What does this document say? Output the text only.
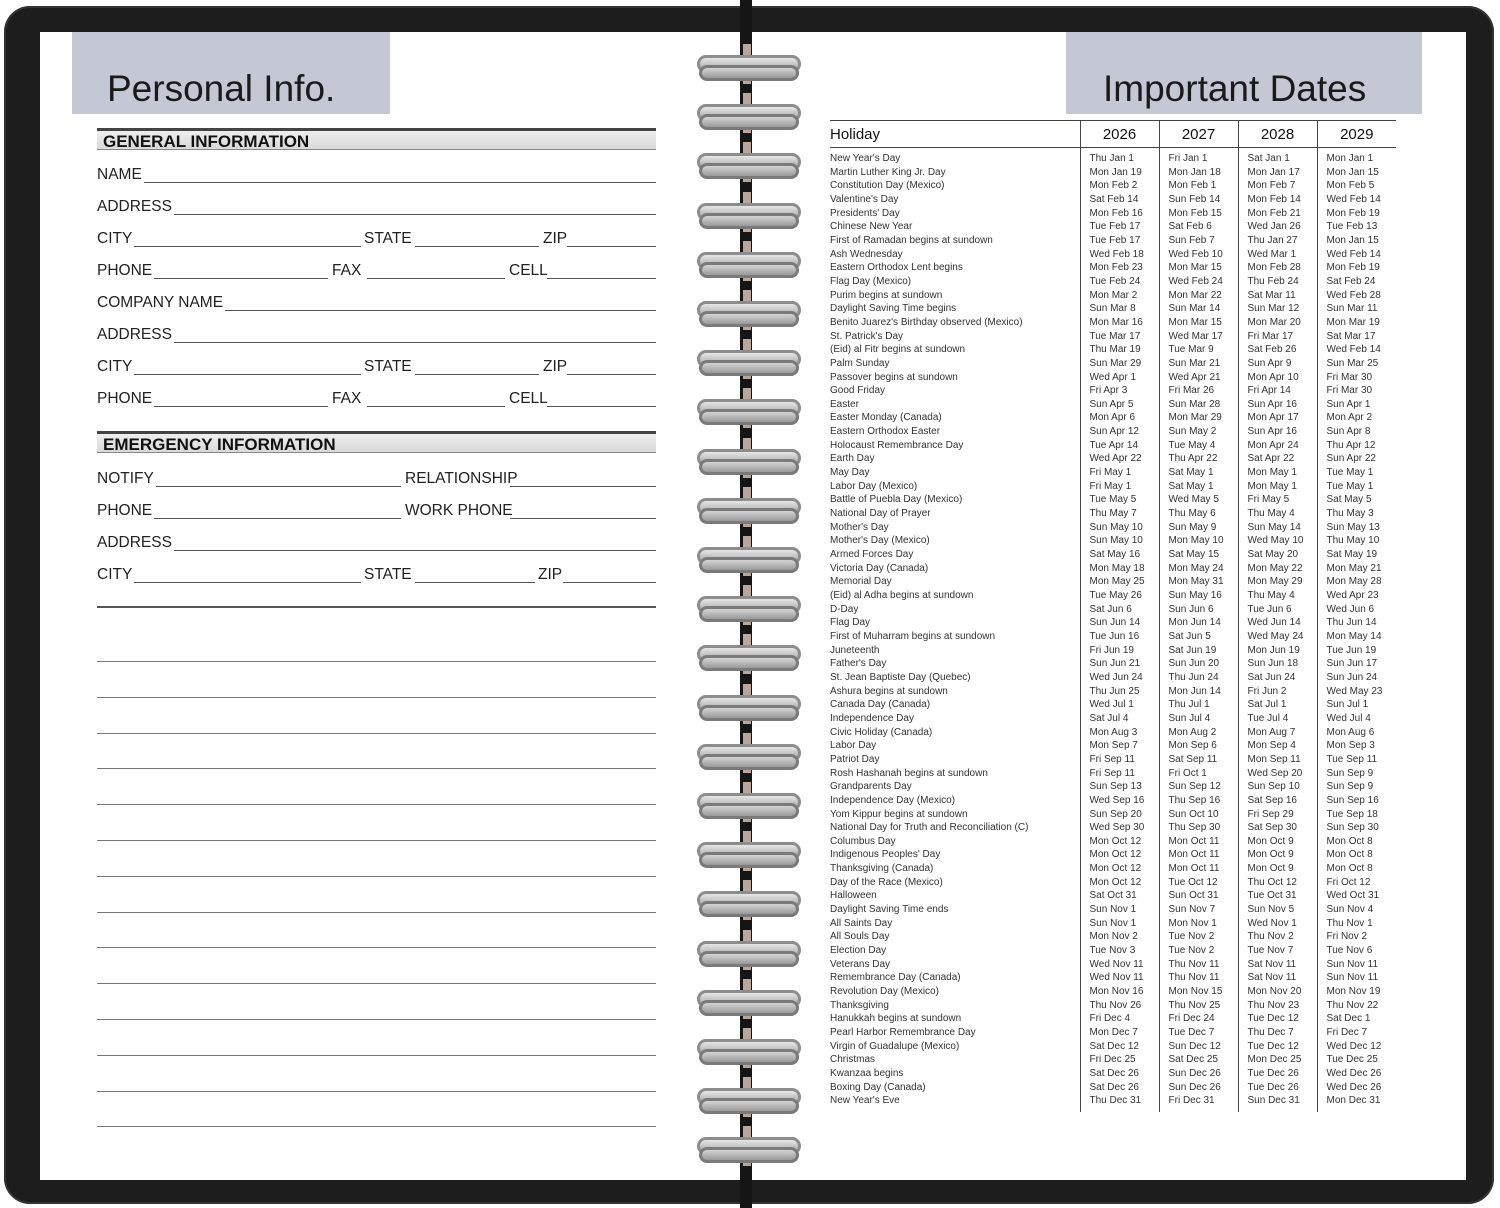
Personal Info.
GENERAL INFORMATION
NAME
ADDRESS
CITY	STATE	ZIP
PHONE	FAX	CELL
COMPANY NAME
ADDRESS
CITY	STATE	ZIP
PHONE	FAX	CELL
EMERGENCY INFORMATION
NOTIFY	RELATIONSHIP
PHONE	WORK PHONE
ADDRESS
CITY	STATE	ZIP
Important Dates
Holiday	2026	2027	2028	2029
New Year's Day	Thu Jan 1	Fri Jan 1	Sat Jan 1	Mon Jan 1
Martin Luther King Jr. Day	Mon Jan 19	Mon Jan 18	Mon Jan 17	Mon Jan 15
Constitution Day (Mexico)	Mon Feb 2	Mon Feb 1	Mon Feb 7	Mon Feb 5
Valentine's Day	Sat Feb 14	Sun Feb 14	Mon Feb 14	Wed Feb 14
Presidents' Day	Mon Feb 16	Mon Feb 15	Mon Feb 21	Mon Feb 19
Chinese New Year	Tue Feb 17	Sat Feb 6	Wed Jan 26	Tue Feb 13
First of Ramadan begins at sundown	Tue Feb 17	Sun Feb 7	Thu Jan 27	Mon Jan 15
Ash Wednesday	Wed Feb 18	Wed Feb 10	Wed Mar 1	Wed Feb 14
Eastern Orthodox Lent begins	Mon Feb 23	Mon Mar 15	Mon Feb 28	Mon Feb 19
Flag Day (Mexico)	Tue Feb 24	Wed Feb 24	Thu Feb 24	Sat Feb 24
Purim begins at sundown	Mon Mar 2	Mon Mar 22	Sat Mar 11	Wed Feb 28
Daylight Saving Time begins	Sun Mar 8	Sun Mar 14	Sun Mar 12	Sun Mar 11
Benito Juarez's Birthday observed (Mexico)	Mon Mar 16	Mon Mar 15	Mon Mar 20	Mon Mar 19
St. Patrick's Day	Tue Mar 17	Wed Mar 17	Fri Mar 17	Sat Mar 17
(Eid) al Fitr begins at sundown	Thu Mar 19	Tue Mar 9	Sat Feb 26	Wed Feb 14
Palm Sunday	Sun Mar 29	Sun Mar 21	Sun Apr 9	Sun Mar 25
Passover begins at sundown	Wed Apr 1	Wed Apr 21	Mon Apr 10	Fri Mar 30
Good Friday	Fri Apr 3	Fri Mar 26	Fri Apr 14	Fri Mar 30
Easter	Sun Apr 5	Sun Mar 28	Sun Apr 16	Sun Apr 1
Easter Monday (Canada)	Mon Apr 6	Mon Mar 29	Mon Apr 17	Mon Apr 2
Eastern Orthodox Easter	Sun Apr 12	Sun May 2	Sun Apr 16	Sun Apr 8
Holocaust Remembrance Day	Tue Apr 14	Tue May 4	Mon Apr 24	Thu Apr 12
Earth Day	Wed Apr 22	Thu Apr 22	Sat Apr 22	Sun Apr 22
May Day	Fri May 1	Sat May 1	Mon May 1	Tue May 1
Labor Day (Mexico)	Fri May 1	Sat May 1	Mon May 1	Tue May 1
Battle of Puebla Day (Mexico)	Tue May 5	Wed May 5	Fri May 5	Sat May 5
National Day of Prayer	Thu May 7	Thu May 6	Thu May 4	Thu May 3
Mother's Day	Sun May 10	Sun May 9	Sun May 14	Sun May 13
Mother's Day (Mexico)	Sun May 10	Mon May 10	Wed May 10	Thu May 10
Armed Forces Day	Sat May 16	Sat May 15	Sat May 20	Sat May 19
Victoria Day (Canada)	Mon May 18	Mon May 24	Mon May 22	Mon May 21
Memorial Day	Mon May 25	Mon May 31	Mon May 29	Mon May 28
(Eid) al Adha begins at sundown	Tue May 26	Sun May 16	Thu May 4	Wed Apr 23
D-Day	Sat Jun 6	Sun Jun 6	Tue Jun 6	Wed Jun 6
Flag Day	Sun Jun 14	Mon Jun 14	Wed Jun 14	Thu Jun 14
First of Muharram begins at sundown	Tue Jun 16	Sat Jun 5	Wed May 24	Mon May 14
Juneteenth	Fri Jun 19	Sat Jun 19	Mon Jun 19	Tue Jun 19
Father's Day	Sun Jun 21	Sun Jun 20	Sun Jun 18	Sun Jun 17
St. Jean Baptiste Day (Quebec)	Wed Jun 24	Thu Jun 24	Sat Jun 24	Sun Jun 24
Ashura begins at sundown	Thu Jun 25	Mon Jun 14	Fri Jun 2	Wed May 23
Canada Day (Canada)	Wed Jul 1	Thu Jul 1	Sat Jul 1	Sun Jul 1
Independence Day	Sat Jul 4	Sun Jul 4	Tue Jul 4	Wed Jul 4
Civic Holiday (Canada)	Mon Aug 3	Mon Aug 2	Mon Aug 7	Mon Aug 6
Labor Day	Mon Sep 7	Mon Sep 6	Mon Sep 4	Mon Sep 3
Patriot Day	Fri Sep 11	Sat Sep 11	Mon Sep 11	Tue Sep 11
Rosh Hashanah begins at sundown	Fri Sep 11	Fri Oct 1	Wed Sep 20	Sun Sep 9
Grandparents Day	Sun Sep 13	Sun Sep 12	Sun Sep 10	Sun Sep 9
Independence Day (Mexico)	Wed Sep 16	Thu Sep 16	Sat Sep 16	Sun Sep 16
Yom Kippur begins at sundown	Sun Sep 20	Sun Oct 10	Fri Sep 29	Tue Sep 18
National Day for Truth and Reconciliation (C)	Wed Sep 30	Thu Sep 30	Sat Sep 30	Sun Sep 30
Columbus Day	Mon Oct 12	Mon Oct 11	Mon Oct 9	Mon Oct 8
Indigenous Peoples' Day	Mon Oct 12	Mon Oct 11	Mon Oct 9	Mon Oct 8
Thanksgiving (Canada)	Mon Oct 12	Mon Oct 11	Mon Oct 9	Mon Oct 8
Day of the Race (Mexico)	Mon Oct 12	Tue Oct 12	Thu Oct 12	Fri Oct 12
Halloween	Sat Oct 31	Sun Oct 31	Tue Oct 31	Wed Oct 31
Daylight Saving Time ends	Sun Nov 1	Sun Nov 7	Sun Nov 5	Sun Nov 4
All Saints Day	Sun Nov 1	Mon Nov 1	Wed Nov 1	Thu Nov 1
All Souls Day	Mon Nov 2	Tue Nov 2	Thu Nov 2	Fri Nov 2
Election Day	Tue Nov 3	Tue Nov 2	Tue Nov 7	Tue Nov 6
Veterans Day	Wed Nov 11	Thu Nov 11	Sat Nov 11	Sun Nov 11
Remembrance Day (Canada)	Wed Nov 11	Thu Nov 11	Sat Nov 11	Sun Nov 11
Revolution Day (Mexico)	Mon Nov 16	Mon Nov 15	Mon Nov 20	Mon Nov 19
Thanksgiving	Thu Nov 26	Thu Nov 25	Thu Nov 23	Thu Nov 22
Hanukkah begins at sundown	Fri Dec 4	Fri Dec 24	Tue Dec 12	Sat Dec 1
Pearl Harbor Remembrance Day	Mon Dec 7	Tue Dec 7	Thu Dec 7	Fri Dec 7
Virgin of Guadalupe (Mexico)	Sat Dec 12	Sun Dec 12	Tue Dec 12	Wed Dec 12
Christmas	Fri Dec 25	Sat Dec 25	Mon Dec 25	Tue Dec 25
Kwanzaa begins	Sat Dec 26	Sun Dec 26	Tue Dec 26	Wed Dec 26
Boxing Day (Canada)	Sat Dec 26	Sun Dec 26	Tue Dec 26	Wed Dec 26
New Year's Eve	Thu Dec 31	Fri Dec 31	Sun Dec 31	Mon Dec 31
